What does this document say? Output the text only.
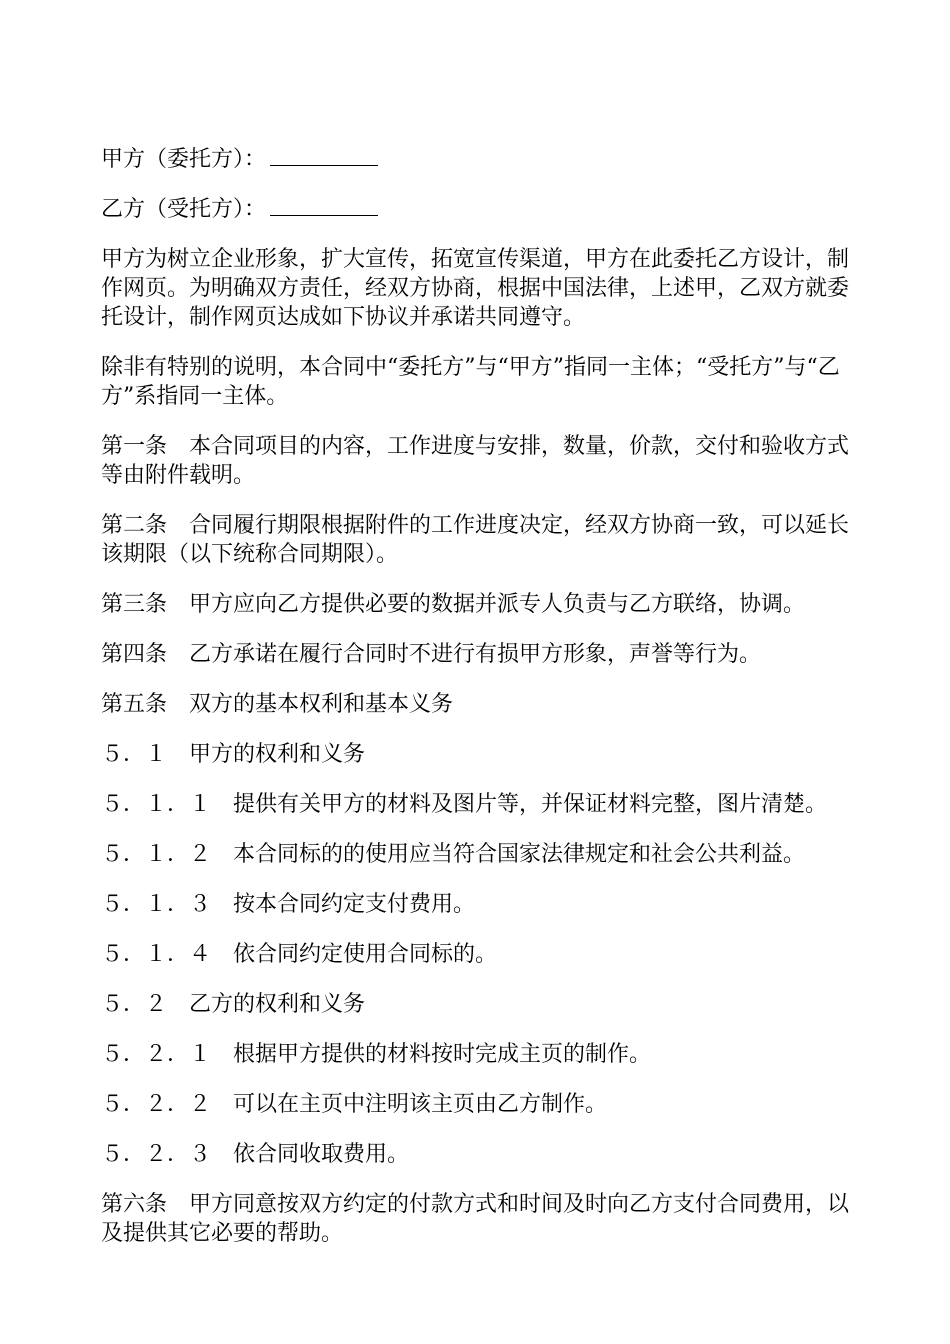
甲方（委托方）：

乙方（受托方）：

甲方为树立企业形象，扩大宣传，拓宽宣传渠道，甲方在此委托乙方设计，制作网页。为明确双方责任，经双方协商，根据中国法律，上述甲，乙双方就委托设计，制作网页达成如下协议并承诺共同遵守。

除非有特别的说明，本合同中“委托方”与“甲方”指同一主体；“受托方”与“乙方”系指同一主体。

第一条　本合同项目的内容，工作进度与安排，数量，价款，交付和验收方式等由附件载明。

第二条　合同履行期限根据附件的工作进度决定，经双方协商一致，可以延长该期限（以下统称合同期限）。

第三条　甲方应向乙方提供必要的数据并派专人负责与乙方联络，协调。

第四条　乙方承诺在履行合同时不进行有损甲方形象，声誉等行为。

第五条　双方的基本权利和基本义务

５．１　甲方的权利和义务

５．１．１　提供有关甲方的材料及图片等，并保证材料完整，图片清楚。

５．１．２　本合同标的的使用应当符合国家法律规定和社会公共利益。

５．１．３　按本合同约定支付费用。

５．１．４　依合同约定使用合同标的。

５．２　乙方的权利和义务

５．２．１　根据甲方提供的材料按时完成主页的制作。

５．２．２　可以在主页中注明该主页由乙方制作。

５．２．３　依合同收取费用。

第六条　甲方同意按双方约定的付款方式和时间及时向乙方支付合同费用，以及提供其它必要的帮助。
